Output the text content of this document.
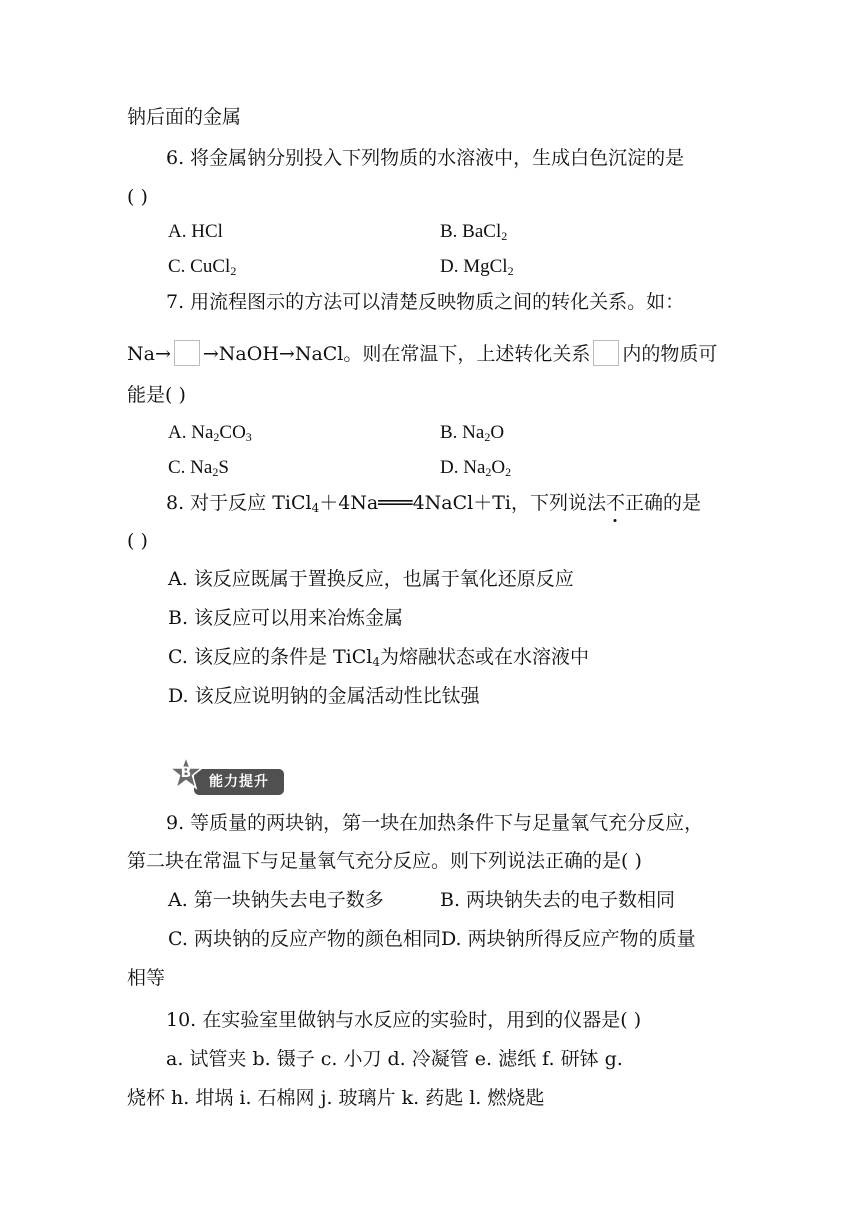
钠后面的金属
6. 将金属钠分别投入下列物质的水溶液中，生成白色沉淀的是
( )
A. HCl	B. BaCl$_2$
C. CuCl$_2$	D. MgCl$_2$
7. 用流程图示的方法可以清楚反映物质之间的转化关系。如：
Na→ →NaOH→NaCl。则在常温下，上述转化关系 内的物质可
能是( )
A. $Na_2CO_3$	B. $Na_2O$
C. $Na_2S$	D. $Na_2O_2$
8. 对于反应 TiCl$_4$＋4Na═══4NaCl＋Ti，下列说法不正确的是
( )
A. 该反应既属于置换反应，也属于氧化还原反应
B. 该反应可以用来冶炼金属
C. 该反应的条件是 TiCl$_4$为熔融状态或在水溶液中
D. 该反应说明钠的金属活动性比钛强
能力提升
B
9. 等质量的两块钠，第一块在加热条件下与足量氧气充分反应，
第二块在常温下与足量氧气充分反应。则下列说法正确的是( )
A. 第一块钠失去电子数多	B. 两块钠失去的电子数相同
C. 两块钠的反应产物的颜色相同D. 两块钠所得反应产物的质量
相等
10. 在实验室里做钠与水反应的实验时，用到的仪器是( )
a. 试管夹 b. 镊子 c. 小刀 d. 冷凝管 e. 滤纸 f. 研钵 g.
烧杯 h. 坩埚 i. 石棉网 j. 玻璃片 k. 药匙 l. 燃烧匙
